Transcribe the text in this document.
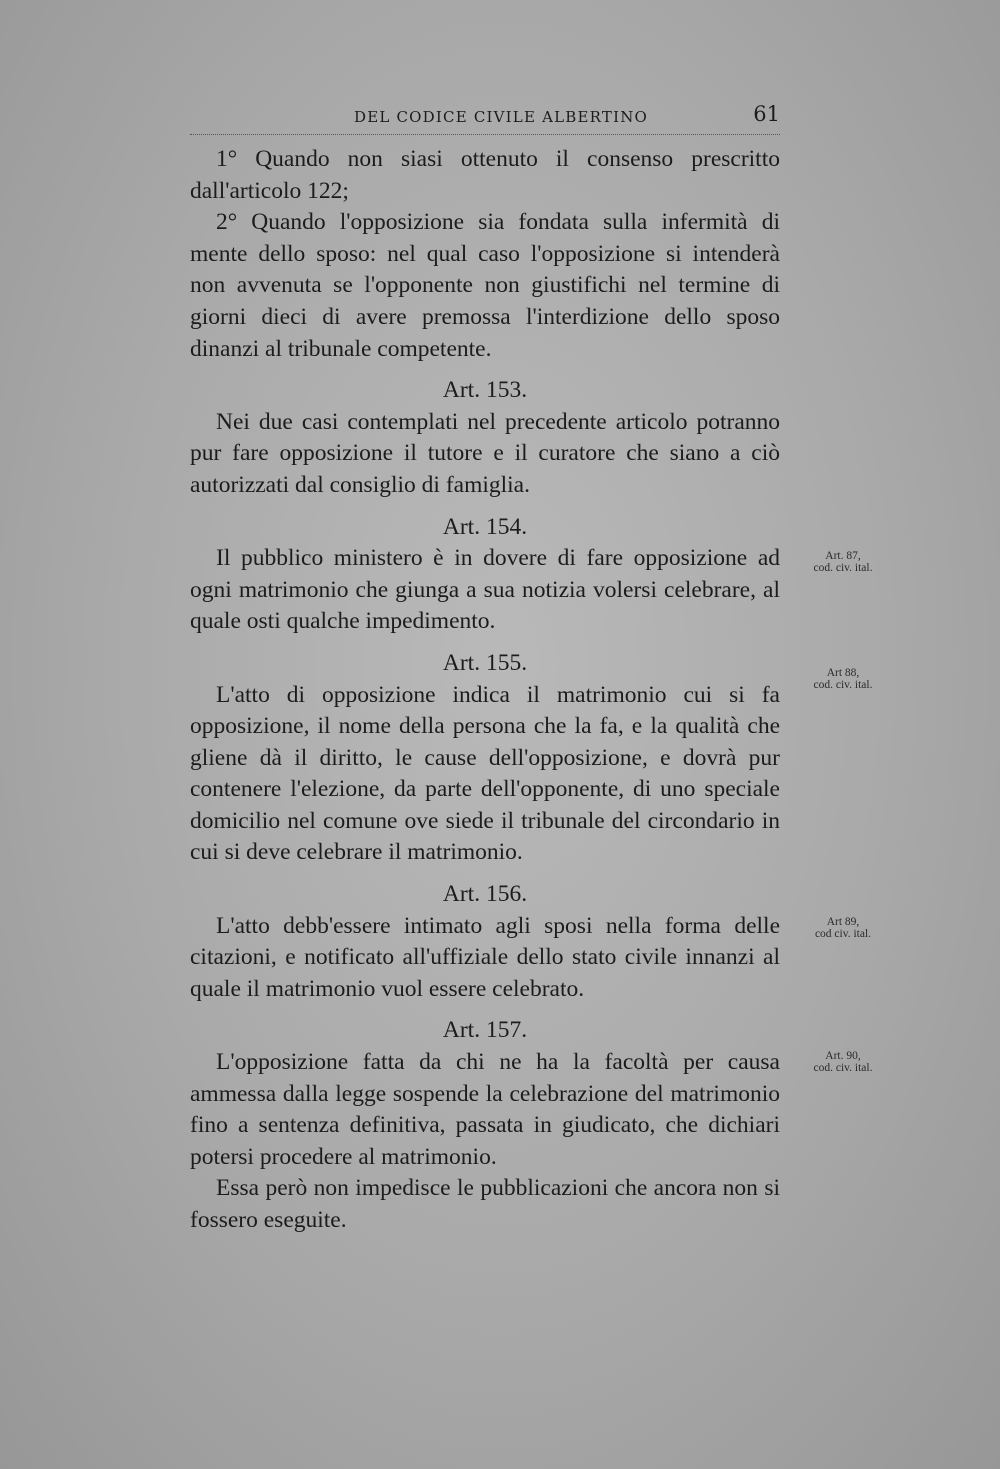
DEL CODICE CIVILE ALBERTINO	61

1° Quando non siasi ottenuto il consenso prescritto dall'articolo 122;

2° Quando l'opposizione sia fondata sulla infermità di mente dello sposo: nel qual caso l'opposizione si intenderà non avvenuta se l'opponente non giustifichi nel termine di giorni dieci di avere premossa l'interdizione dello sposo dinanzi al tribunale competente.

Art. 153.

Nei due casi contemplati nel precedente articolo potranno pur fare opposizione il tutore e il curatore che siano a ciò autorizzati dal consiglio di famiglia.

Art. 154.

Il pubblico ministero è in dovere di fare opposizione ad ogni matrimonio che giunga a sua notizia volersi celebrare, al quale osti qualche impedimento.

Art. 155.

L'atto di opposizione indica il matrimonio cui si fa opposizione, il nome della persona che la fa, e la qualità che gliene dà il diritto, le cause dell'opposizione, e dovrà pur contenere l'elezione, da parte dell'opponente, di uno speciale domicilio nel comune ove siede il tribunale del circondario in cui si deve celebrare il matrimonio.

Art. 156.

L'atto debb'essere intimato agli sposi nella forma delle citazioni, e notificato all'uffiziale dello stato civile innanzi al quale il matrimonio vuol essere celebrato.

Art. 157.

L'opposizione fatta da chi ne ha la facoltà per causa ammessa dalla legge sospende la celebrazione del matrimonio fino a sentenza definitiva, passata in giudicato, che dichiari potersi procedere al matrimonio.

Essa però non impedisce le pubblicazioni che ancora non si fossero eseguite.

Art. 87,
cod. civ. ital.
Art 88,
cod. civ. ital.
Art 89,
cod civ. ital.
Art. 90,
cod. civ. ital.
